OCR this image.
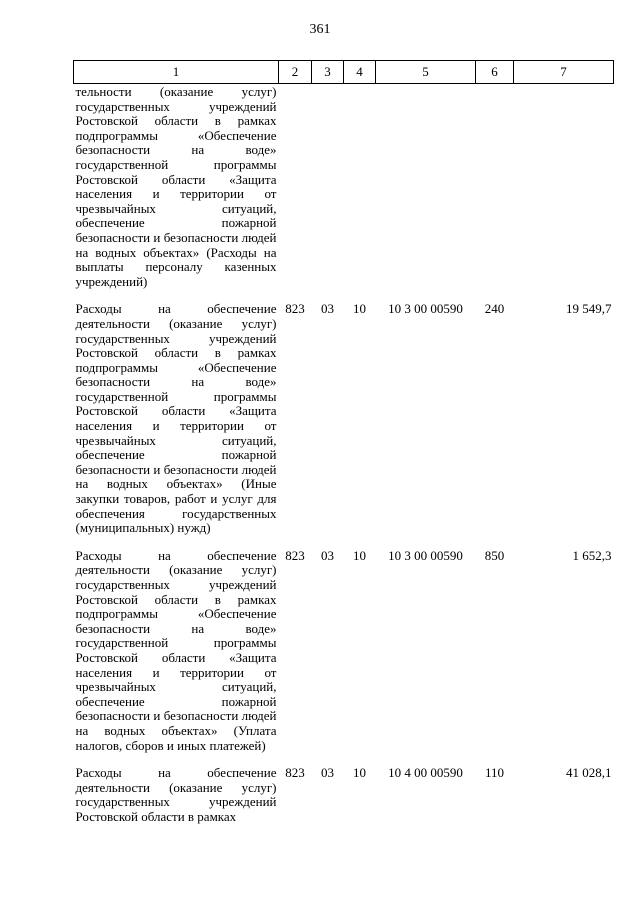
361
1	2	3	4	5	6	7
тельности (оказание услуг) государственных учреждений Ростовской области в рамках подпрограммы «Обеспечение безопасности на воде» государственной программы Ростовской области «Защита населения и территории от чрезвычайных ситуаций, обеспечение пожарной безопасности и безопасности людей на водных объектах» (Расходы на выплаты персоналу казенных учреждений)						
Расходы на обеспечение деятельности (оказание услуг) государственных учреждений Ростовской области в рамках подпрограммы «Обеспечение безопасности на воде» государственной программы Ростовской области «Защита населения и территории от чрезвычайных ситуаций, обеспечение пожарной безопасности и безопасности людей на водных объектах» (Иные закупки товаров, работ и услуг для обеспечения государственных (муниципальных) нужд)	823	03	10	10 3 00 00590	240	19 549,7
Расходы на обеспечение деятельности (оказание услуг) государственных учреждений Ростовской области в рамках подпрограммы «Обеспечение безопасности на воде» государственной программы Ростовской области «Защита населения и территории от чрезвычайных ситуаций, обеспечение пожарной безопасности и безопасности людей на водных объектах» (Уплата налогов, сборов и иных платежей)	823	03	10	10 3 00 00590	850	1 652,3
Расходы на обеспечение деятельности (оказание услуг) государственных учреждений Ростовской области в рамках	823	03	10	10 4 00 00590	110	41 028,1
